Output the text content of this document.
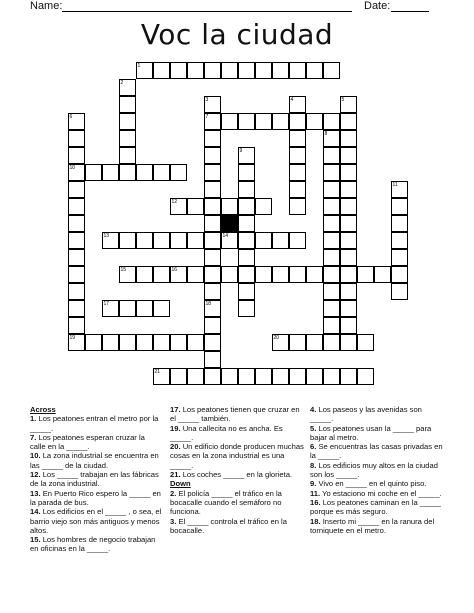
Name:	Date:
Voc la ciudad
1
7
10
12
13	14
15	16
17
19	20
21
2
3	4	5
6
8
9
11
18
Across
1. Los peatones entran el metro por la _____.
7. Los peatones esperan cruzar la calle en la _____.
10. La zona industrial se encuentra en las _____ de la ciudad.
12. Los _____ trabajan en las fábricas de la zona industrial.
13. En Puerto Rico espero la _____ en la parada de bus.
14. Los edificios en el _____ , o sea, el barrio viejo son más antiguos y menos altos.
15. Los hombres de negocio trabajan en oficinas en la _____.
17. Los peatones tienen que cruzar en el _____ también.
19. Una callecita no es ancha. Es _____.
20. Un edificio donde producen muchas cosas en la zona industrial es una _____.
21. Los coches _____ en la glorieta.
Down
2. El policía _____ el tráfico en la bocacalle cuando el semáforo no funciona.
3. El _____ controla el tráfico en la bocacalle.
4. Los paseos y las avenidas son _____.
5. Los peatones usan la _____ para bajar al metro.
6. Se encuentras las casas privadas en la _____.
8. Los edificios muy altos en la ciudad son los _____.
9. Vivo en _____ en el quinto piso.
11. Yo estaciono mi coche en el _____.
16. Los peatones caminan en la _____ porque es más seguro.
18. Inserto mi _____ en la ranura del torniquete en el metro.
